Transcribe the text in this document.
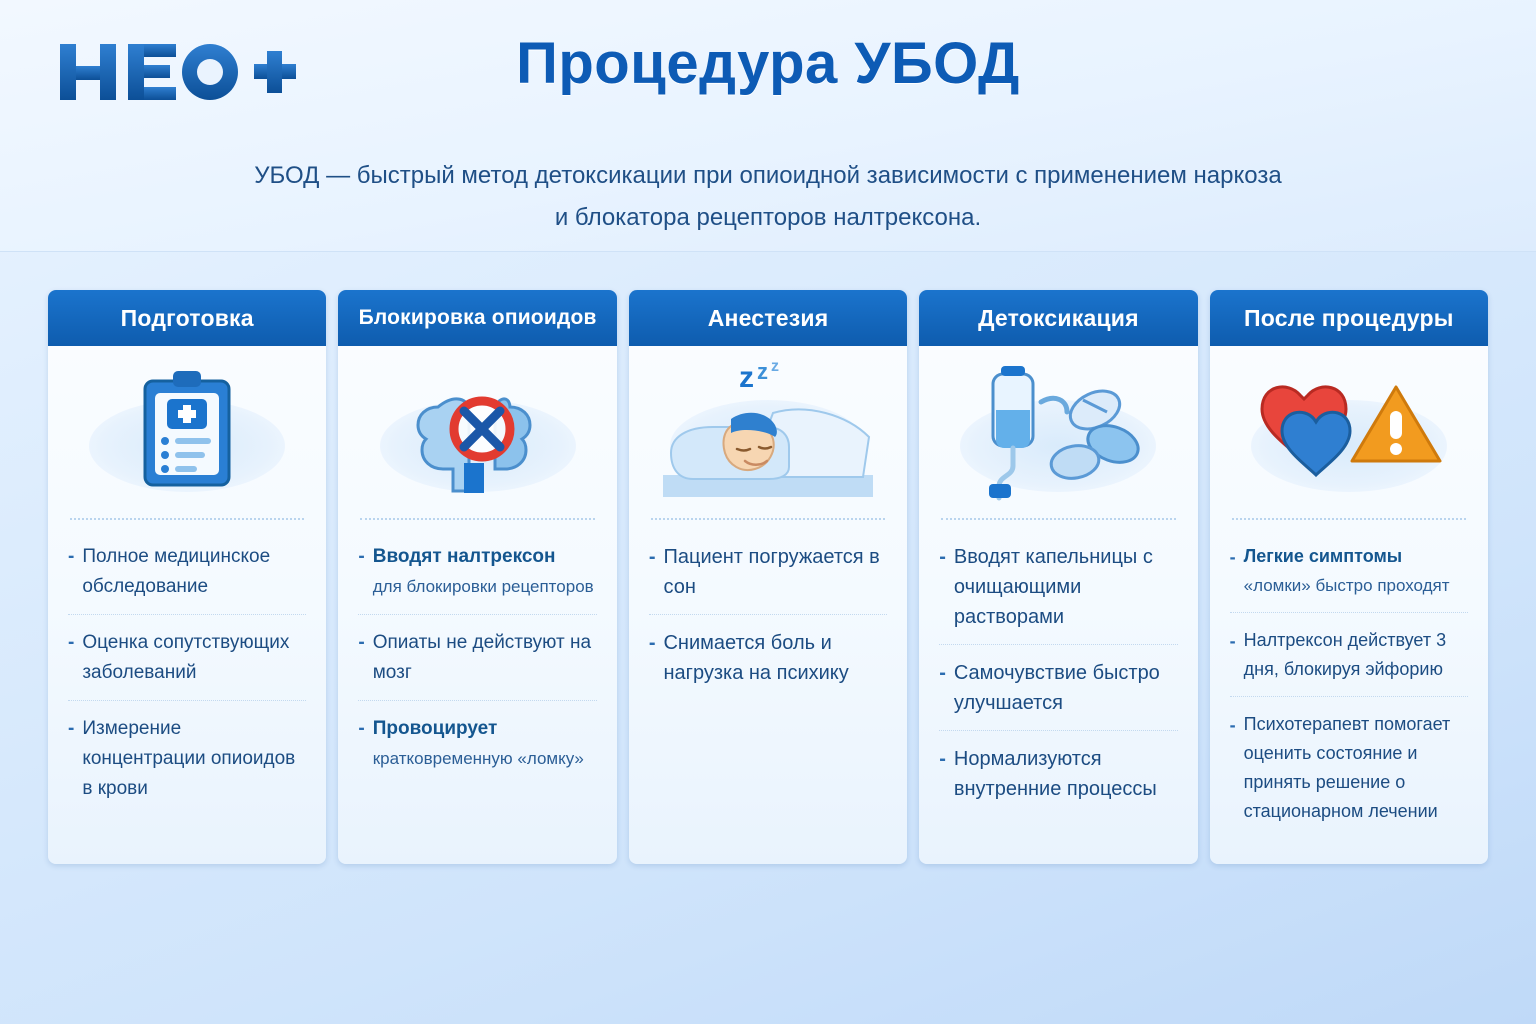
Процедура УБОД
УБОД — быстрый метод детоксикации при опиоидной зависимости с применением наркоза
и блокатора рецепторов налтрексона.
Подготовка
- Полное медицинское обследование
- Оценка сопутствующих заболеваний
- Измерение концентрации опиоидов в крови
Блокировка опиоидов
- Вводят налтрексон
для блокировки рецепторов
- Опиаты не действуют на мозг
- Провоцирует
кратковременную «ломку»
Анестезия
z z z
- Пациент погружается в сон
- Снимается боль и нагрузка на психику
Детоксикация
- Вводят капельницы с очищающими растворами
- Самочувствие быстро улучшается
- Нормализуются внутренние процессы
После процедуры
- Легкие симптомы
«ломки» быстро проходят
- Налтрексон действует 3 дня, блокируя эйфорию
- Психотерапевт помогает оценить состояние и принять решение о стационарном лечении
